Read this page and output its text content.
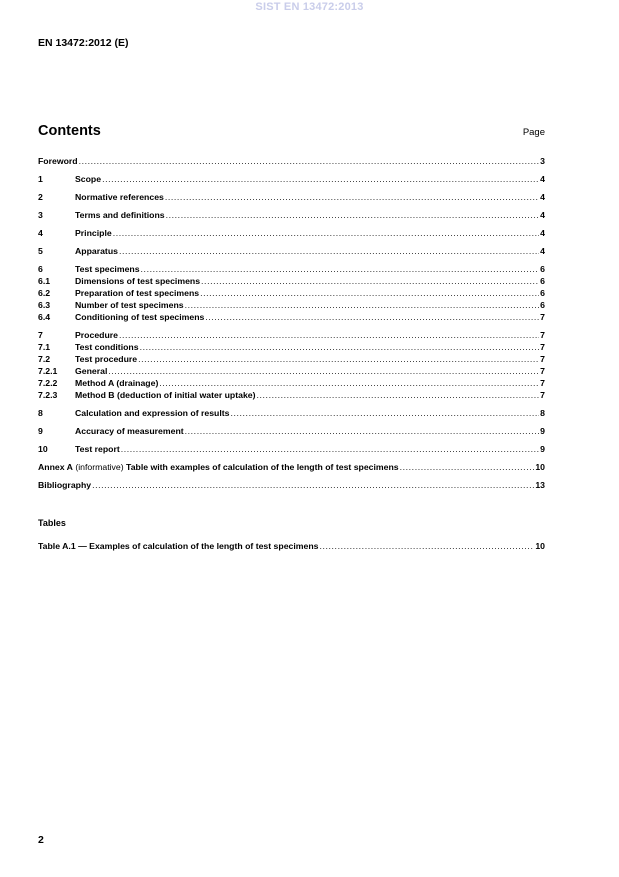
SIST EN 13472:2013
EN 13472:2012 (E)
Contents	Page
Foreword .....	3
1	Scope .....	4
2	Normative references .....	4
3	Terms and definitions .....	4
4	Principle .....	4
5	Apparatus .....	4
6	Test specimens .....	6
6.1	Dimensions of test specimens .....	6
6.2	Preparation of test specimens .....	6
6.3	Number of test specimens .....	6
6.4	Conditioning of test specimens .....	7
7	Procedure .....	7
7.1	Test conditions .....	7
7.2	Test procedure .....	7
7.2.1	General .....	7
7.2.2	Method A (drainage) .....	7
7.2.3	Method B (deduction of initial water uptake) .....	7
8	Calculation and expression of results .....	8
9	Accuracy of measurement .....	9
10	Test report .....	9
Annex A (informative) Table with examples of calculation of the length of test specimens .....	10
Bibliography .....	13
Tables
Table A.1 — Examples of calculation of the length of test specimens .....	10
2
